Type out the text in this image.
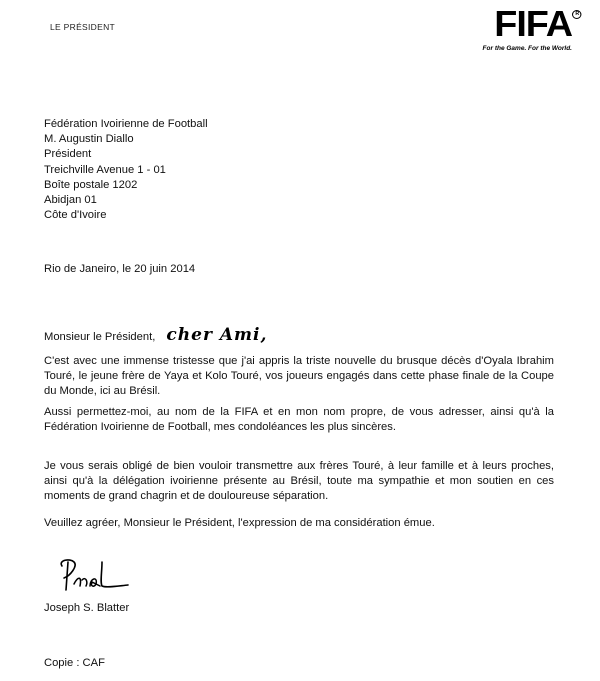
LE PRÉSIDENT	FIFA R
For the Game. For the World.
Fédération Ivoirienne de Football
M. Augustin Diallo
Président
Treichville Avenue 1 - 01
Boîte postale 1202
Abidjan 01
Côte d'Ivoire
Rio de Janeiro, le 20 juin 2014
Monsieur le Président, cher Ami,
C'est avec une immense tristesse que j'ai appris la triste nouvelle du brusque décès d'Oyala Ibrahim Touré, le jeune frère de Yaya et Kolo Touré, vos joueurs engagés dans cette phase finale de la Coupe du Monde, ici au Brésil.
Aussi permettez-moi, au nom de la FIFA et en mon nom propre, de vous adresser, ainsi qu'à la Fédération Ivoirienne de Football, mes condoléances les plus sincères.
Je vous serais obligé de bien vouloir transmettre aux frères Touré, à leur famille et à leurs proches, ainsi qu'à la délégation ivoirienne présente au Brésil, toute ma sympathie et mon soutien en ces moments de grand chagrin et de douloureuse séparation.
Veuillez agréer, Monsieur le Président, l'expression de ma considération émue.
Joseph S. Blatter
Copie : CAF
